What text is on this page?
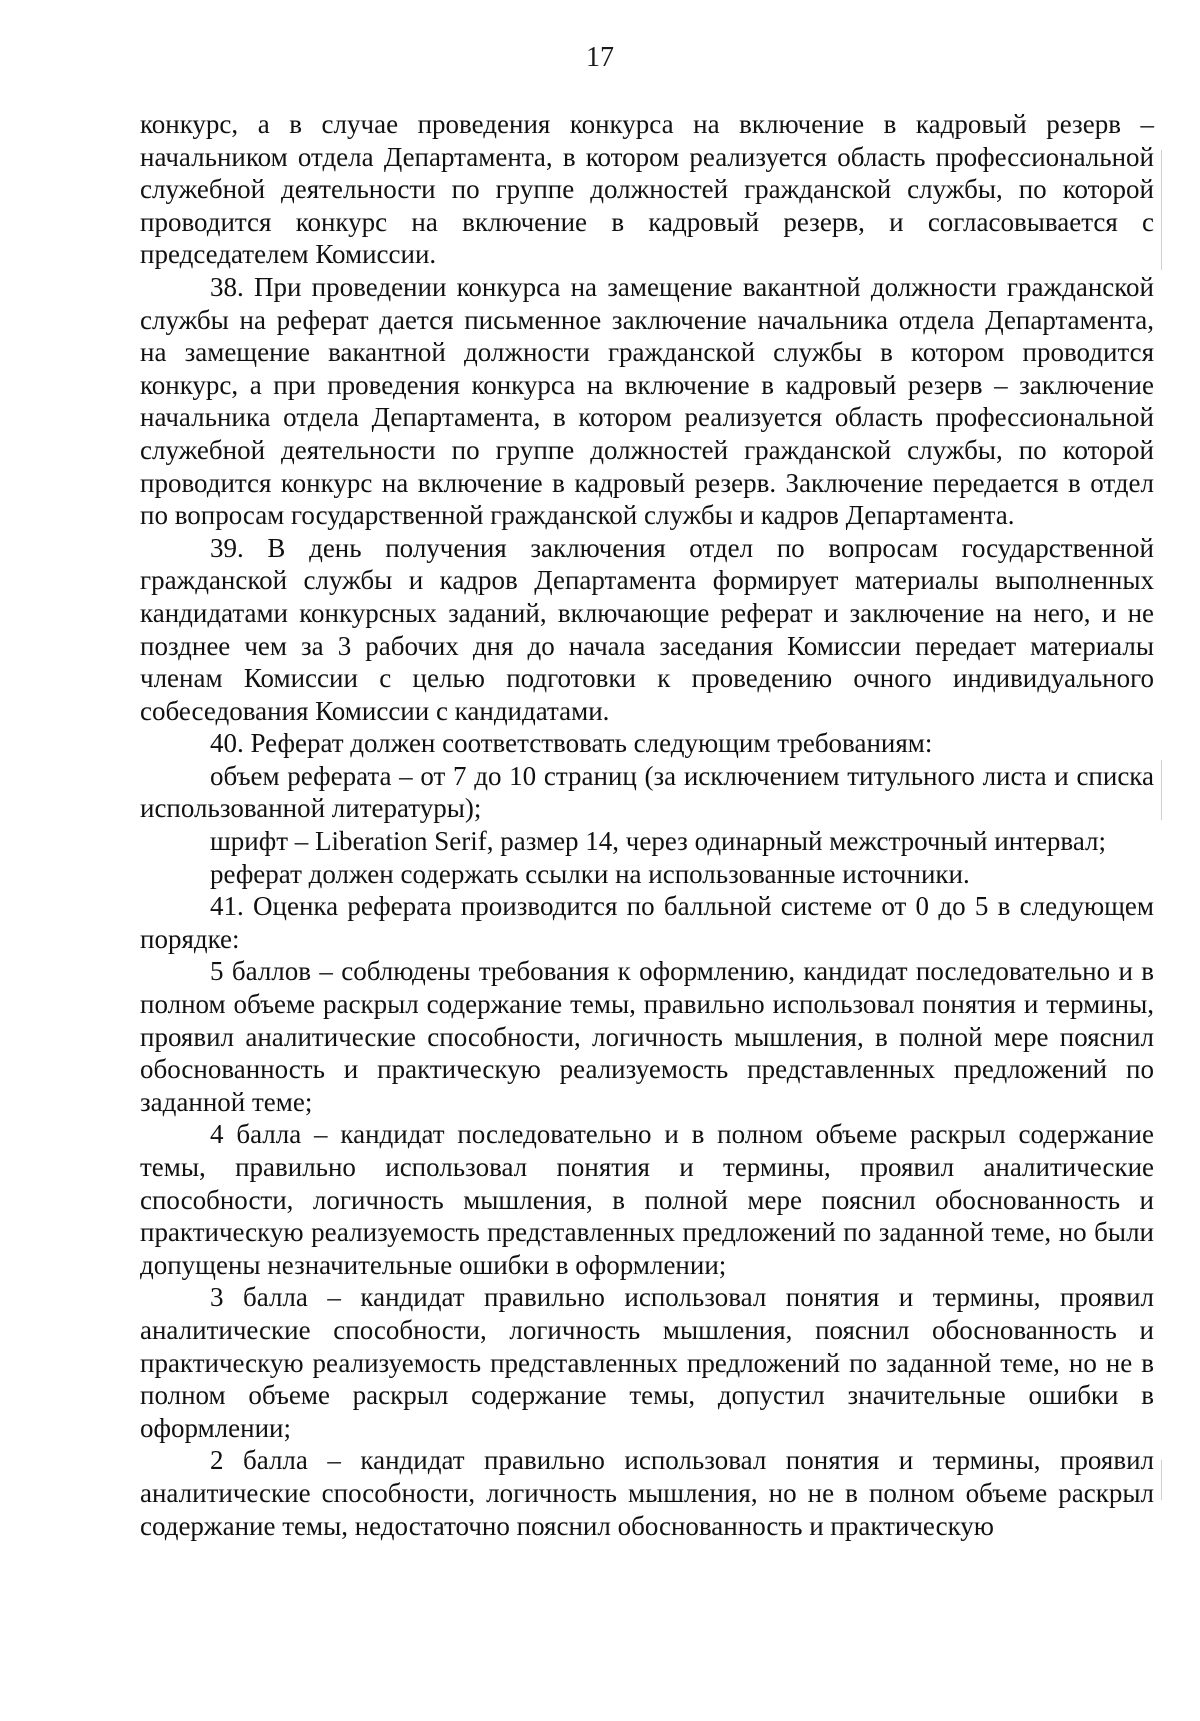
17

конкурс, а в случае проведения конкурса на включение в кадровый резерв – начальником отдела Департамента, в котором реализуется область профессиональной служебной деятельности по группе должностей гражданской службы, по которой проводится конкурс на включение в кадровый резерв, и согласовывается с председателем Комиссии.

38. При проведении конкурса на замещение вакантной должности гражданской службы на реферат дается письменное заключение начальника отдела Департамента, на замещение вакантной должности гражданской службы в котором проводится конкурс, а при проведения конкурса на включение в кадровый резерв – заключение начальника отдела Департамента, в котором реализуется область профессиональной служебной деятельности по группе должностей гражданской службы, по которой проводится конкурс на включение в кадровый резерв. Заключение передается в отдел по вопросам государственной гражданской службы и кадров Департамента.

39. В день получения заключения отдел по вопросам государственной гражданской службы и кадров Департамента формирует материалы выполненных кандидатами конкурсных заданий, включающие реферат и заключение на него, и не позднее чем за 3 рабочих дня до начала заседания Комиссии передает материалы членам Комиссии с целью подготовки к проведению очного индивидуального собеседования Комиссии с кандидатами.

40. Реферат должен соответствовать следующим требованиям:

объем реферата – от 7 до 10 страниц (за исключением титульного листа и списка использованной литературы);

шрифт – Liberation Serif, размер 14, через одинарный межстрочный интервал;

реферат должен содержать ссылки на использованные источники.

41. Оценка реферата производится по балльной системе от 0 до 5 в следующем порядке:

5 баллов – соблюдены требования к оформлению, кандидат последовательно и в полном объеме раскрыл содержание темы, правильно использовал понятия и термины, проявил аналитические способности, логичность мышления, в полной мере пояснил обоснованность и практическую реализуемость представленных предложений по заданной теме;

4 балла – кандидат последовательно и в полном объеме раскрыл содержание темы, правильно использовал понятия и термины, проявил аналитические способности, логичность мышления, в полной мере пояснил обоснованность и практическую реализуемость представленных предложений по заданной теме, но были допущены незначительные ошибки в оформлении;

3 балла – кандидат правильно использовал понятия и термины, проявил аналитические способности, логичность мышления, пояснил обоснованность и практическую реализуемость представленных предложений по заданной теме, но не в полном объеме раскрыл содержание темы, допустил значительные ошибки в оформлении;

2 балла – кандидат правильно использовал понятия и термины, проявил аналитические способности, логичность мышления, но не в полном объеме раскрыл содержание темы, недостаточно пояснил обоснованность и практическую
